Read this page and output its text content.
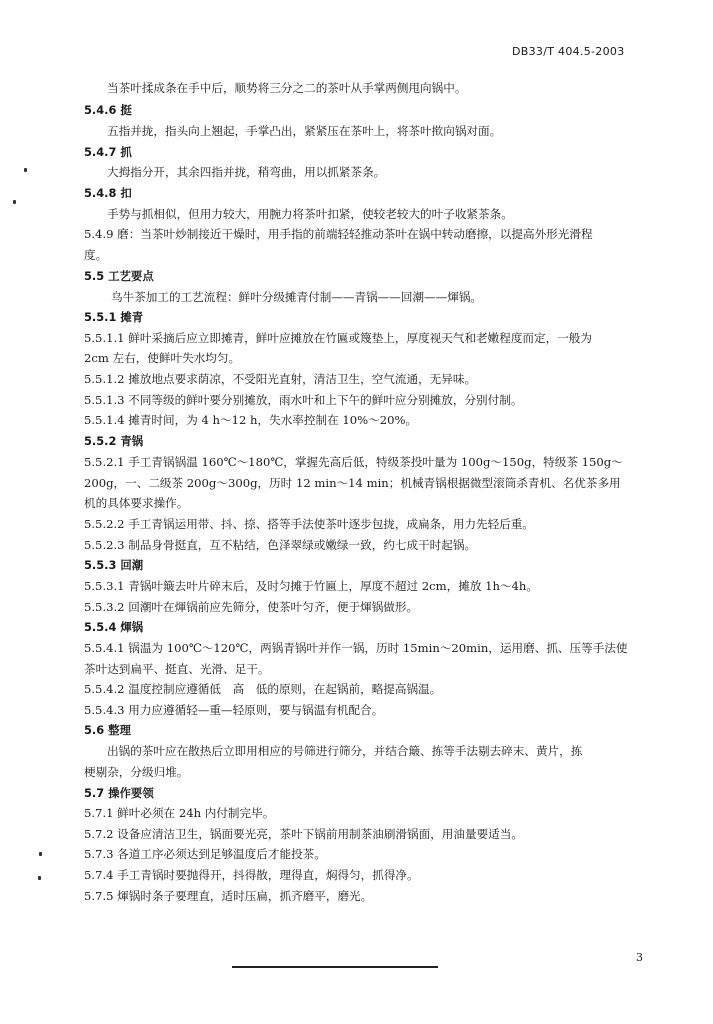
DB33/T 404.5-2003
当茶叶揉成条在手中后，顺势将三分之二的茶叶从手掌两侧甩向锅中。
5.4.6 挺
五指并拢，指头向上翘起，手掌凸出，紧紧压在茶叶上，将茶叶揿向锅对面。
5.4.7 抓
大拇指分开，其余四指并拢，稍弯曲，用以抓紧茶条。
5.4.8 扣
手势与抓相似，但用力较大，用腕力将茶叶扣紧，使较老较大的叶子收紧茶条。
5.4.9 磨：当茶叶炒制接近干燥时，用手指的前端轻轻推动茶叶在锅中转动磨擦，以提高外形光滑程
度。
5.5 工艺要点
乌牛茶加工的工艺流程：鲜叶分级摊青付制——青锅——回潮——煇锅。
5.5.1 摊青
5.5.1.1 鲜叶采摘后应立即摊青，鲜叶应摊放在竹匾或篾垫上，厚度视天气和老嫩程度而定，一般为
2cm 左右，使鲜叶失水均匀。
5.5.1.2 摊放地点要求荫凉，不受阳光直射，清洁卫生，空气流通，无异味。
5.5.1.3 不同等级的鲜叶要分别摊放，雨水叶和上下午的鲜叶应分别摊放，分别付制。
5.5.1.4 摊青时间，为 4 h～12 h，失水率控制在 10%～20%。
5.5.2 青锅
5.5.2.1 手工青锅锅温 160℃～180℃，掌握先高后低，特级茶投叶量为 100g～150g，特级茶 150g～
200g，一、二级茶 200g～300g，历时 12 min～14 min；机械青锅根据微型滚筒杀青机、名优茶多用
机的具体要求操作。
5.5.2.2 手工青锅运用带、抖、捺、搭等手法使茶叶逐步包拢，成扁条，用力先轻后重。
5.5.2.3 制品身骨挺直，互不粘结，色泽翠绿或嫩绿一致，约七成干时起锅。
5.5.3 回潮
5.5.3.1 青锅叶簸去叶片碎末后，及时匀摊于竹匾上，厚度不超过 2cm，摊放 1h～4h。
5.5.3.2 回潮叶在煇锅前应先筛分，使茶叶匀齐，便于煇锅做形。
5.5.4 煇锅
5.5.4.1 锅温为 100℃～120℃，两锅青锅叶并作一锅，历时 15min～20min，运用磨、抓、压等手法使
茶叶达到扁平、挺直、光滑、足干。
5.5.4.2 温度控制应遵循低　高　低的原则，在起锅前，略提高锅温。
5.5.4.3 用力应遵循轻—重—轻原则，要与锅温有机配合。
5.6 整理
出锅的茶叶应在散热后立即用相应的号筛进行筛分，并结合簸、拣等手法剔去碎末、黄片，拣
梗剔杂，分级归堆。
5.7 操作要领
5.7.1 鲜叶必须在 24h 内付制完毕。
5.7.2 设备应清洁卫生，锅面要光亮，茶叶下锅前用制茶油刷滑锅面，用油量要适当。
5.7.3 各道工序必须达到足够温度后才能投茶。
5.7.4 手工青锅时要抛得开，抖得散，理得直，焖得匀，抓得净。
5.7.5 煇锅时条子要理直，适时压扁，抓齐磨平，磨光。
3
